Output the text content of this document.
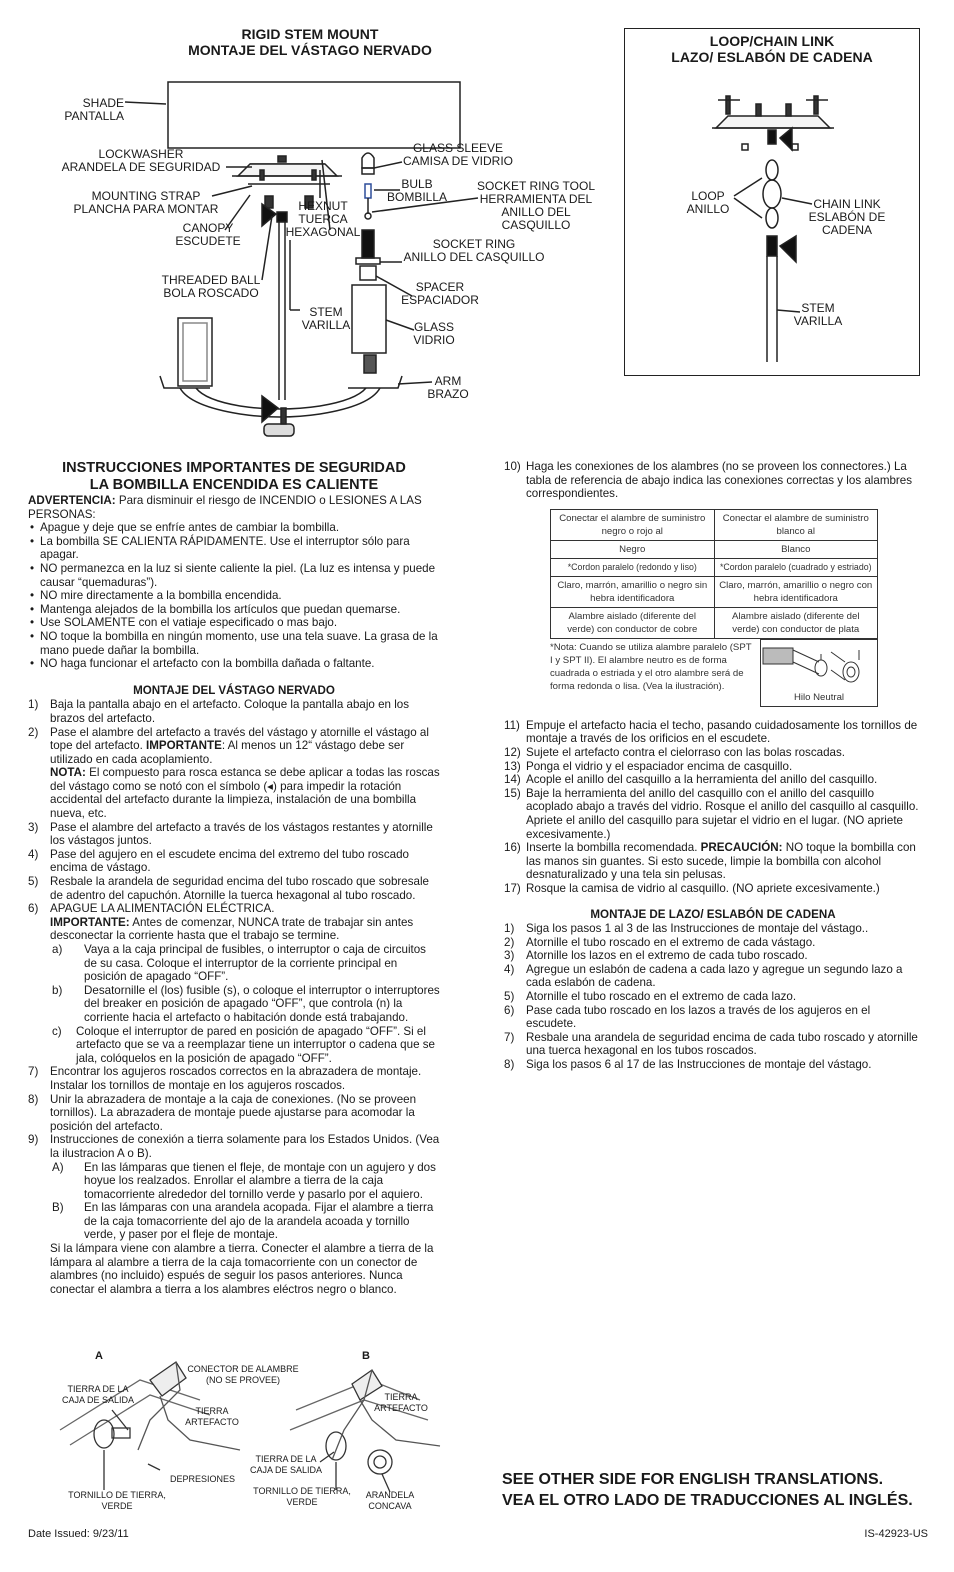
RIGID STEM MOUNT
MONTAJE DEL VÁSTAGO NERVADO
SHADE
PANTALLA
LOCKWASHER
ARANDELA DE SEGURIDAD
MOUNTING STRAP
PLANCHA PARA MONTAR
CANOPY
ESCUDETE
HEXNUT
TUERCA
HEXAGONAL
THREADED BALL
BOLA ROSCADO
STEM
VARILLA
GLASS SLEEVE
CAMISA DE VIDRIO
BULB
BOMBILLA
SOCKET RING TOOL
HERRAMIENTA DEL
ANILLO DEL
CASQUILLO
SOCKET RING
ANILLO DEL CASQUILLO
SPACER
ESPACIADOR
GLASS
VIDRIO
ARM
BRAZO
LOOP/CHAIN LINK
LAZO/ ESLABÓN DE CADENA
LOOP
ANILLO	CHAIN LINK
ESLABÓN DE
CADENA
STEM
VARILLA
INSTRUCCIONES IMPORTANTES DE SEGURIDAD
LA BOMBILLA ENCENDIDA ES CALIENTE

ADVERTENCIA: Para disminuir el riesgo de INCENDIO o LESIONES A LAS PERSONAS:

• Apague y deje que se enfríe antes de cambiar la bombilla.
• La bombilla SE CALIENTA RÁPIDAMENTE. Use el interruptor sólo para apagar.
• NO permanezca en la luz si siente caliente la piel. (La luz es intensa y puede causar “quemaduras”).
• NO mire directamente a la bombilla encendida.
• Mantenga alejados de la bombilla los artículos que puedan quemarse.
• Use SOLAMENTE con el vatiaje especificado o mas bajo.
• NO toque la bombilla en ningún momento, use una tela suave. La grasa de la mano puede dañar la bombilla.
• NO haga funcionar el artefacto con la bombilla dañada o faltante.
MONTAJE DEL VÁSTAGO NERVADO
1) Baja la pantalla abajo en el artefacto. Coloque la pantalla abajo en los brazos del artefacto.
2) Pase el alambre del artefacto a través del vástago y atornille el vástago al tope del artefacto. IMPORTANTE: Al menos un 12“ vástago debe ser utilizado en cada acoplamiento.
NOTA: El compuesto para rosca estanca se debe aplicar a todas las roscas del vástago como se notó con el símbolo (◂) para impedir la rotación accidental del artefacto durante la limpieza, instalación de una bombilla nueva, etc.
3) Pase el alambre del artefacto a través de los vástagos restantes y atornille los vástagos juntos.
4) Pase del agujero en el escudete encima del extremo del tubo roscado encima de vástago.
5) Resbale la arandela de seguridad encima del tubo roscado que sobresale de adentro del capuchón. Atornille la tuerca hexagonal al tubo roscado.
6) APAGUE LA ALIMENTACIÓN ELÉCTRICA.
IMPORTANTE: Antes de comenzar, NUNCA trate de trabajar sin antes desconectar la corriente hasta que el trabajo se termine.
a) Vaya a la caja principal de fusibles, o interruptor o caja de circuitos de su casa. Coloque el interruptor de la corriente principal en posición de apagado “OFF”.
b) Desatornille el (los) fusible (s), o coloque el interruptor o interruptores del breaker en posición de apagado “OFF”, que controla (n) la corriente hacia el artefacto o habitación donde está trabajando.
c) Coloque el interruptor de pared en posición de apagado “OFF”. Si el artefacto que se va a reemplazar tiene un interruptor o cadena que se jala, colóquelos en la posición de apagado “OFF”.
7) Encontrar los agujeros roscados correctos en la abrazadera de montaje. Instalar los tornillos de montaje en los agujeros roscados.
8) Unir la abrazadera de montaje a la caja de conexiones. (No se proveen tornillos). La abrazadera de montaje puede ajustarse para acomodar la posición del artefacto.
9) Instrucciones de conexión a tierra solamente para los Estados Unidos. (Vea la ilustracion A o B).
A) En las lámparas que tienen el fleje, de montaje con un agujero y dos hoyue los realzados. Enrollar el alambre a tierra de la caja tomacorriente alrededor del tornillo verde y pasarlo por el aquiero.
B) En las lámparas con una arandela acopada. Fijar el alambre a tierra de la caja tomacorriente del ajo de la arandela acoada y tornillo verde, y paser por el fleje de montaje.
Si la lámpara viene con alambre a tierra. Conecter el alambre a tierra de la lámpara al alambre a tierra de la caja tomacorriente con un conector de alambres (no incluido) espués de seguir los pasos anteriores. Nunca conectar el alambra a tierra a los alambres eléctros negro o blanco.
A	B
CONECTOR DE ALAMBRE
(NO SE PROVEE)
TIERRA DE LA
CAJA DE SALIDA
TIERRA
ARTEFACTO
DEPRESIONES
TORNILLO DE TIERRA,
VERDE
TIERRA
ARTEFACTO
TIERRA DE LA
CAJA DE SALIDA
TORNILLO DE TIERRA,
VERDE
ARANDELA
CONCAVA
10) Haga les conexiones de los alambres (no se proveen los connectores.) La tabla de referencia de abajo indica las conexiones correctas y los alambres correspondientes.
Conectar el alambre de suministro negro o rojo al	Conectar el alambre de suministro blanco al
Negro	Blanco
*Cordon paralelo (redondo y liso)	*Cordon paralelo (cuadrado y estriado)
Claro, marrón, amarillio o negro sin hebra identificadora	Claro, marrón, amarillio o negro con hebra identificadora
Alambre aislado (diferente del verde) con conductor de cobre	Alambre aislado (diferente del verde) con conductor de plata
*Nota: Cuando se utiliza alambre paralelo (SPT I y SPT II). El alambre neutro es de forma cuadrada o estriada y el otro alambre será de forma redonda o lisa. (Vea la ilustración).
Hilo Neutral
11) Empuje el artefacto hacia el techo, pasando cuidadosamente los tornillos de montaje a través de los orificios en el escudete.
12) Sujete el artefacto contra el cielorraso con las bolas roscadas.
13) Ponga el vidrio y el espaciador encima de casquillo.
14) Acople el anillo del casquillo a la herramienta del anillo del casquillo.
15) Baje la herramienta del anillo del casquillo con el anillo del casquillo acoplado abajo a través del vidrio. Rosque el anillo del casquillo al casquillo. Apriete el anillo del casquillo para sujetar el vidrio en el lugar. (NO apriete excesivamente.)
16) Inserte la bombilla recomendada. PRECAUCIÓN: NO toque la bombilla con las manos sin guantes. Si esto sucede, limpie la bombilla con alcohol desnaturalizado y una tela sin pelusas.
17) Rosque la camisa de vidrio al casquillo. (NO apriete excesivamente.)
MONTAJE DE LAZO/ ESLABÓN DE CADENA
1) Siga los pasos 1 al 3 de las Instrucciones de montaje del vástago..
2) Atornille el tubo roscado en el extremo de cada vástago.
3) Atornille los lazos en el extremo de cada tubo roscado.
4) Agregue un eslabón de cadena a cada lazo y agregue un segundo lazo a cada eslabón de cadena.
5) Atornille el tubo roscado en el extremo de cada lazo.
6) Pase cada tubo roscado en los lazos a través de los agujeros en el escudete.
7) Resbale una arandela de seguridad encima de cada tubo roscado y atornille una tuerca hexagonal en los tubos roscados.
8) Siga los pasos 6 al 17 de las Instrucciones de montaje del vástago.
SEE OTHER SIDE FOR ENGLISH TRANSLATIONS.
VEA EL OTRO LADO DE TRADUCCIONES AL INGLÉS.
Date Issued: 9/23/11	IS-42923-US
